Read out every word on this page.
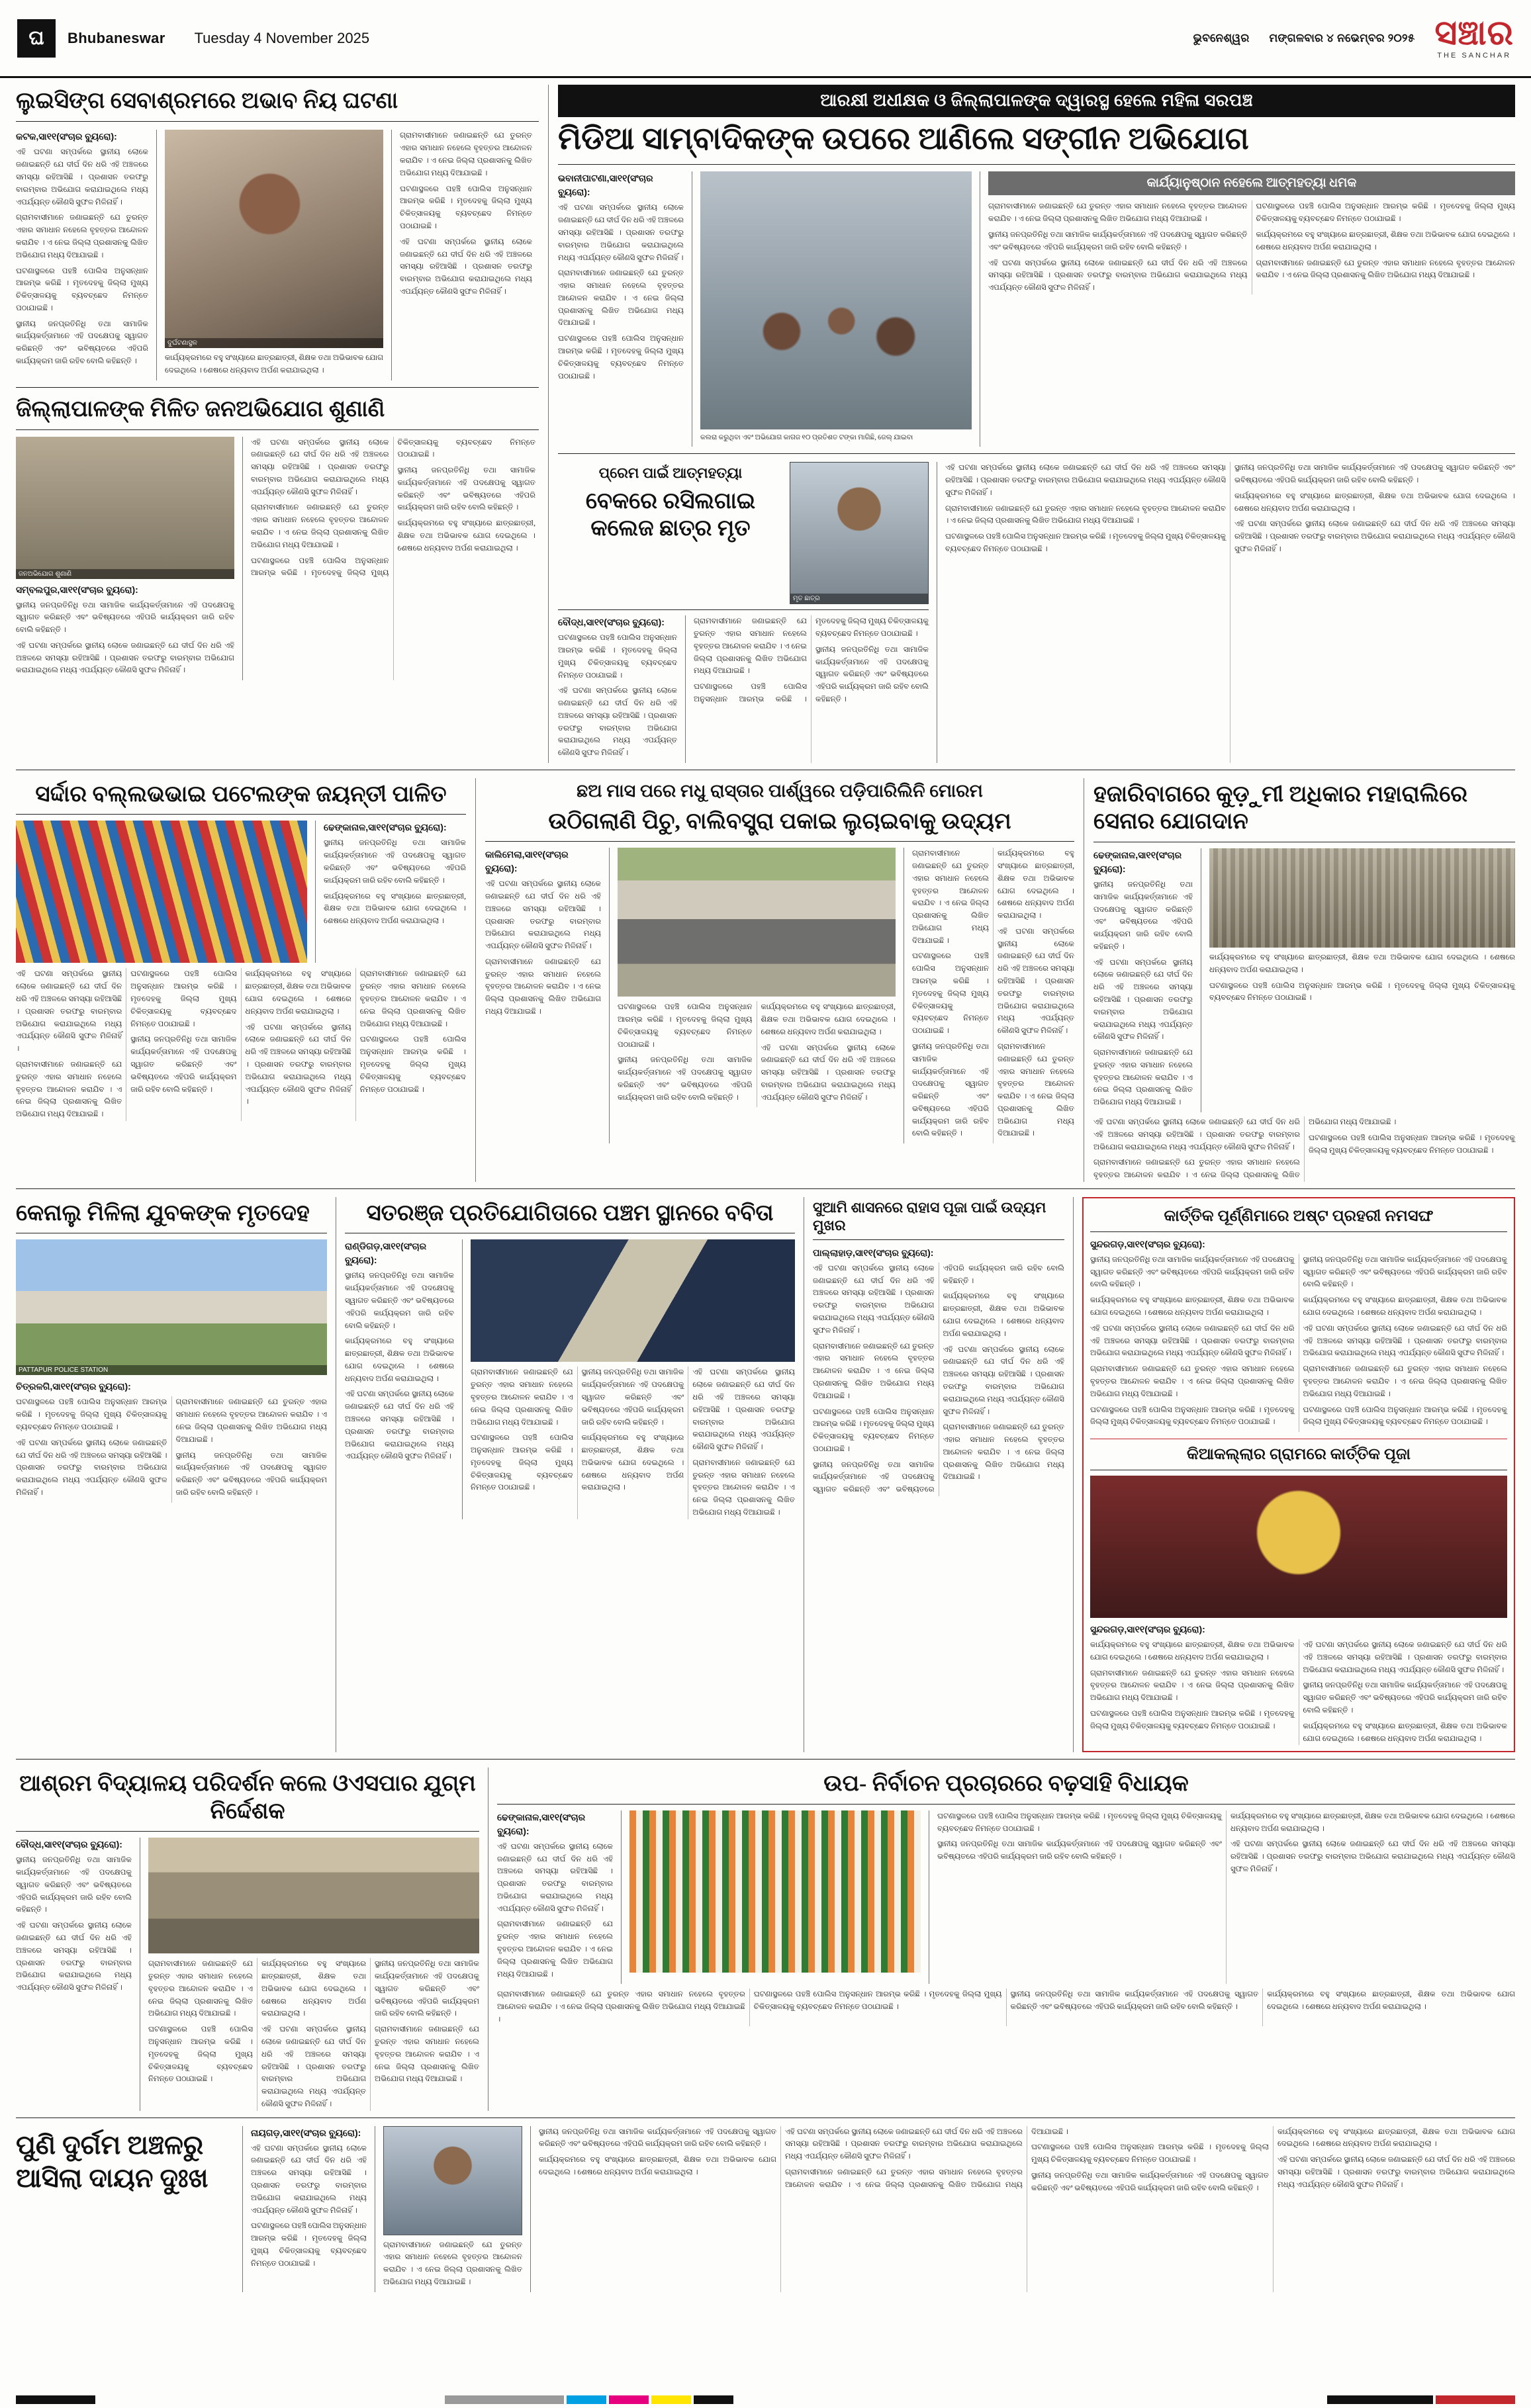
ଘ	Bhubaneswar Tuesday 4 November 2025	ଭୁବନେଶ୍ୱର ମଙ୍ଗଳବାର ୪ ନଭେମ୍ବର ୨୦୨୫ ସଞ୍ଚାର
THE SANCHAR
ଲୁଇସିଙ୍ଗ ସେବାଶ୍ରମରେ ଅଭାବ ନିୟ ଘଟଣା
କଟକ,ସା୧୧(ସଂଚାର ବ୍ୟୁରୋ):

ଏହି ଘଟଣା ସମ୍ପର୍କରେ ସ୍ଥାନୀୟ ଲୋକେ ଜଣାଇଛନ୍ତି ଯେ ଦୀର୍ଘ ଦିନ ଧରି ଏହି ଅଞ୍ଚଳରେ ସମସ୍ୟା ରହିଆସିଛି । ପ୍ରଶାସନ ତରଫରୁ ବାରମ୍ବାର ଅଭିଯୋଗ କରାଯାଇଥିଲେ ମଧ୍ୟ ଏପର୍ଯ୍ୟନ୍ତ କୌଣସି ସୁଫଳ ମିଳିନାହିଁ ।

ଗ୍ରାମବାସୀମାନେ ଜଣାଇଛନ୍ତି ଯେ ତୁରନ୍ତ ଏହାର ସମାଧାନ ନହେଲେ ବୃହତ୍ତର ଆନ୍ଦୋଳନ କରାଯିବ । ଏ ନେଇ ଜିଲ୍ଲା ପ୍ରଶାସନକୁ ଲିଖିତ ଅଭିଯୋଗ ମଧ୍ୟ ଦିଆଯାଇଛି ।

ଘଟଣାସ୍ଥଳରେ ପହଞ୍ଚି ପୋଲିସ ଅନୁସନ୍ଧାନ ଆରମ୍ଭ କରିଛି । ମୃତଦେହକୁ ଜିଲ୍ଲା ମୁଖ୍ୟ ଚିକିତ୍ସାଳୟକୁ ବ୍ୟବଚ୍ଛେଦ ନିମନ୍ତେ ପଠାଯାଇଛି ।

ସ୍ଥାନୀୟ ଜନପ୍ରତିନିଧି ତଥା ସାମାଜିକ କାର୍ଯ୍ୟକର୍ତ୍ତାମାନେ ଏହି ପଦକ୍ଷେପକୁ ସ୍ୱାଗତ କରିଛନ୍ତି ଏବଂ ଭବିଷ୍ୟତରେ ଏହିପରି କାର୍ଯ୍ୟକ୍ରମ ଜାରି ରହିବ ବୋଲି କହିଛନ୍ତି ।

ଦୁର୍ଘଟଣାସ୍ଥଳ

କାର୍ଯ୍ୟକ୍ରମରେ ବହୁ ସଂଖ୍ୟାରେ ଛାତ୍ରଛାତ୍ରୀ, ଶିକ୍ଷକ ତଥା ଅଭିଭାବକ ଯୋଗ ଦେଇଥିଲେ । ଶେଷରେ ଧନ୍ୟବାଦ ଅର୍ପଣ କରାଯାଇଥିଲା ।

ଗ୍ରାମବାସୀମାନେ ଜଣାଇଛନ୍ତି ଯେ ତୁରନ୍ତ ଏହାର ସମାଧାନ ନହେଲେ ବୃହତ୍ତର ଆନ୍ଦୋଳନ କରାଯିବ । ଏ ନେଇ ଜିଲ୍ଲା ପ୍ରଶାସନକୁ ଲିଖିତ ଅଭିଯୋଗ ମଧ୍ୟ ଦିଆଯାଇଛି ।

ଘଟଣାସ୍ଥଳରେ ପହଞ୍ଚି ପୋଲିସ ଅନୁସନ୍ଧାନ ଆରମ୍ଭ କରିଛି । ମୃତଦେହକୁ ଜିଲ୍ଲା ମୁଖ୍ୟ ଚିକିତ୍ସାଳୟକୁ ବ୍ୟବଚ୍ଛେଦ ନିମନ୍ତେ ପଠାଯାଇଛି ।

ଏହି ଘଟଣା ସମ୍ପର୍କରେ ସ୍ଥାନୀୟ ଲୋକେ ଜଣାଇଛନ୍ତି ଯେ ଦୀର୍ଘ ଦିନ ଧରି ଏହି ଅଞ୍ଚଳରେ ସମସ୍ୟା ରହିଆସିଛି । ପ୍ରଶାସନ ତରଫରୁ ବାରମ୍ବାର ଅଭିଯୋଗ କରାଯାଇଥିଲେ ମଧ୍ୟ ଏପର୍ଯ୍ୟନ୍ତ କୌଣସି ସୁଫଳ ମିଳିନାହିଁ ।

ଜିଲ୍ଲାପାଳଙ୍କ ମିଳିତ ଜନଅଭିଯୋଗ ଶୁଣାଣି
ଜନଅଭିଯୋଗ ଶୁଣାଣି
ସମ୍ବଲପୁର,ସା୧୧(ସଂଚାର ବ୍ୟୁରୋ):

ସ୍ଥାନୀୟ ଜନପ୍ରତିନିଧି ତଥା ସାମାଜିକ କାର୍ଯ୍ୟକର୍ତ୍ତାମାନେ ଏହି ପଦକ୍ଷେପକୁ ସ୍ୱାଗତ କରିଛନ୍ତି ଏବଂ ଭବିଷ୍ୟତରେ ଏହିପରି କାର୍ଯ୍ୟକ୍ରମ ଜାରି ରହିବ ବୋଲି କହିଛନ୍ତି ।

ଏହି ଘଟଣା ସମ୍ପର୍କରେ ସ୍ଥାନୀୟ ଲୋକେ ଜଣାଇଛନ୍ତି ଯେ ଦୀର୍ଘ ଦିନ ଧରି ଏହି ଅଞ୍ଚଳରେ ସମସ୍ୟା ରହିଆସିଛି । ପ୍ରଶାସନ ତରଫରୁ ବାରମ୍ବାର ଅଭିଯୋଗ କରାଯାଇଥିଲେ ମଧ୍ୟ ଏପର୍ଯ୍ୟନ୍ତ କୌଣସି ସୁଫଳ ମିଳିନାହିଁ ।

ଏହି ଘଟଣା ସମ୍ପର୍କରେ ସ୍ଥାନୀୟ ଲୋକେ ଜଣାଇଛନ୍ତି ଯେ ଦୀର୍ଘ ଦିନ ଧରି ଏହି ଅଞ୍ଚଳରେ ସମସ୍ୟା ରହିଆସିଛି । ପ୍ରଶାସନ ତରଫରୁ ବାରମ୍ବାର ଅଭିଯୋଗ କରାଯାଇଥିଲେ ମଧ୍ୟ ଏପର୍ଯ୍ୟନ୍ତ କୌଣସି ସୁଫଳ ମିଳିନାହିଁ ।

ଗ୍ରାମବାସୀମାନେ ଜଣାଇଛନ୍ତି ଯେ ତୁରନ୍ତ ଏହାର ସମାଧାନ ନହେଲେ ବୃହତ୍ତର ଆନ୍ଦୋଳନ କରାଯିବ । ଏ ନେଇ ଜିଲ୍ଲା ପ୍ରଶାସନକୁ ଲିଖିତ ଅଭିଯୋଗ ମଧ୍ୟ ଦିଆଯାଇଛି ।

ଘଟଣାସ୍ଥଳରେ ପହଞ୍ଚି ପୋଲିସ ଅନୁସନ୍ଧାନ ଆରମ୍ଭ କରିଛି । ମୃତଦେହକୁ ଜିଲ୍ଲା ମୁଖ୍ୟ ଚିକିତ୍ସାଳୟକୁ ବ୍ୟବଚ୍ଛେଦ ନିମନ୍ତେ ପଠାଯାଇଛି ।

ସ୍ଥାନୀୟ ଜନପ୍ରତିନିଧି ତଥା ସାମାଜିକ କାର୍ଯ୍ୟକର୍ତ୍ତାମାନେ ଏହି ପଦକ୍ଷେପକୁ ସ୍ୱାଗତ କରିଛନ୍ତି ଏବଂ ଭବିଷ୍ୟତରେ ଏହିପରି କାର୍ଯ୍ୟକ୍ରମ ଜାରି ରହିବ ବୋଲି କହିଛନ୍ତି ।

କାର୍ଯ୍ୟକ୍ରମରେ ବହୁ ସଂଖ୍ୟାରେ ଛାତ୍ରଛାତ୍ରୀ, ଶିକ୍ଷକ ତଥା ଅଭିଭାବକ ଯୋଗ ଦେଇଥିଲେ । ଶେଷରେ ଧନ୍ୟବାଦ ଅର୍ପଣ କରାଯାଇଥିଲା ।

ଆରକ୍ଷୀ ଅଧୀକ୍ଷକ ଓ ଜିଲ୍ଲାପାଳଙ୍କ ଦ୍ୱାରସ୍ଥ ହେଲେ ମହିଳା ସରପଞ୍ଚ
ମିଡିଆ ସାମ୍ବାଦିକଙ୍କ ଉପରେ ଆଣିଲେ ସଙ୍ଗୀନ ଅଭିଯୋଗ
ଭବାନୀପାଟଣା,ସା୧୧(ସଂଚାର ବ୍ୟୁରୋ):

ଏହି ଘଟଣା ସମ୍ପର୍କରେ ସ୍ଥାନୀୟ ଲୋକେ ଜଣାଇଛନ୍ତି ଯେ ଦୀର୍ଘ ଦିନ ଧରି ଏହି ଅଞ୍ଚଳରେ ସମସ୍ୟା ରହିଆସିଛି । ପ୍ରଶାସନ ତରଫରୁ ବାରମ୍ବାର ଅଭିଯୋଗ କରାଯାଇଥିଲେ ମଧ୍ୟ ଏପର୍ଯ୍ୟନ୍ତ କୌଣସି ସୁଫଳ ମିଳିନାହିଁ ।

ଗ୍ରାମବାସୀମାନେ ଜଣାଇଛନ୍ତି ଯେ ତୁରନ୍ତ ଏହାର ସମାଧାନ ନହେଲେ ବୃହତ୍ତର ଆନ୍ଦୋଳନ କରାଯିବ । ଏ ନେଇ ଜିଲ୍ଲା ପ୍ରଶାସନକୁ ଲିଖିତ ଅଭିଯୋଗ ମଧ୍ୟ ଦିଆଯାଇଛି ।

ଘଟଣାସ୍ଥଳରେ ପହଞ୍ଚି ପୋଲିସ ଅନୁସନ୍ଧାନ ଆରମ୍ଭ କରିଛି । ମୃତଦେହକୁ ଜିଲ୍ଲା ମୁଖ୍ୟ ଚିକିତ୍ସାଳୟକୁ ବ୍ୟବଚ୍ଛେଦ ନିମନ୍ତେ ପଠାଯାଇଛି ।

କଲରା କରୁଥିବା ଏବଂ ଅଭିଯୋଗ କାଗଜ ୧୦ ପ୍ରତିଶତ ଟଙ୍କା ମାଗିଛି, ଜେଲ୍ ଯାଇବା

କାର୍ଯ୍ୟାନୁଷ୍ଠାନ ନହେଲେ ଆତ୍ମହତ୍ୟା ଧମକ

ଗ୍ରାମବାସୀମାନେ ଜଣାଇଛନ୍ତି ଯେ ତୁରନ୍ତ ଏହାର ସମାଧାନ ନହେଲେ ବୃହତ୍ତର ଆନ୍ଦୋଳନ କରାଯିବ । ଏ ନେଇ ଜିଲ୍ଲା ପ୍ରଶାସନକୁ ଲିଖିତ ଅଭିଯୋଗ ମଧ୍ୟ ଦିଆଯାଇଛି ।

ସ୍ଥାନୀୟ ଜନପ୍ରତିନିଧି ତଥା ସାମାଜିକ କାର୍ଯ୍ୟକର୍ତ୍ତାମାନେ ଏହି ପଦକ୍ଷେପକୁ ସ୍ୱାଗତ କରିଛନ୍ତି ଏବଂ ଭବିଷ୍ୟତରେ ଏହିପରି କାର୍ଯ୍ୟକ୍ରମ ଜାରି ରହିବ ବୋଲି କହିଛନ୍ତି ।

ଏହି ଘଟଣା ସମ୍ପର୍କରେ ସ୍ଥାନୀୟ ଲୋକେ ଜଣାଇଛନ୍ତି ଯେ ଦୀର୍ଘ ଦିନ ଧରି ଏହି ଅଞ୍ଚଳରେ ସମସ୍ୟା ରହିଆସିଛି । ପ୍ରଶାସନ ତରଫରୁ ବାରମ୍ବାର ଅଭିଯୋଗ କରାଯାଇଥିଲେ ମଧ୍ୟ ଏପର୍ଯ୍ୟନ୍ତ କୌଣସି ସୁଫଳ ମିଳିନାହିଁ ।

ଘଟଣାସ୍ଥଳରେ ପହଞ୍ଚି ପୋଲିସ ଅନୁସନ୍ଧାନ ଆରମ୍ଭ କରିଛି । ମୃତଦେହକୁ ଜିଲ୍ଲା ମୁଖ୍ୟ ଚିକିତ୍ସାଳୟକୁ ବ୍ୟବଚ୍ଛେଦ ନିମନ୍ତେ ପଠାଯାଇଛି ।

କାର୍ଯ୍ୟକ୍ରମରେ ବହୁ ସଂଖ୍ୟାରେ ଛାତ୍ରଛାତ୍ରୀ, ଶିକ୍ଷକ ତଥା ଅଭିଭାବକ ଯୋଗ ଦେଇଥିଲେ । ଶେଷରେ ଧନ୍ୟବାଦ ଅର୍ପଣ କରାଯାଇଥିଲା ।

ଗ୍ରାମବାସୀମାନେ ଜଣାଇଛନ୍ତି ଯେ ତୁରନ୍ତ ଏହାର ସମାଧାନ ନହେଲେ ବୃହତ୍ତର ଆନ୍ଦୋଳନ କରାଯିବ । ଏ ନେଇ ଜିଲ୍ଲା ପ୍ରଶାସନକୁ ଲିଖିତ ଅଭିଯୋଗ ମଧ୍ୟ ଦିଆଯାଇଛି ।

ପ୍ରେମ ପାଇଁ ଆତ୍ମହତ୍ୟା
ବେକରେ ରସିଲଗାଇ କଲେଜ ଛାତ୍ର ମୃତ
ମୃତ ଛାତ୍ର
ବୌଦ୍ଧ,ସା୧୧(ସଂଚାର ବ୍ୟୁରୋ):

ଘଟଣାସ୍ଥଳରେ ପହଞ୍ଚି ପୋଲିସ ଅନୁସନ୍ଧାନ ଆରମ୍ଭ କରିଛି । ମୃତଦେହକୁ ଜିଲ୍ଲା ମୁଖ୍ୟ ଚିକିତ୍ସାଳୟକୁ ବ୍ୟବଚ୍ଛେଦ ନିମନ୍ତେ ପଠାଯାଇଛି ।

ଏହି ଘଟଣା ସମ୍ପର୍କରେ ସ୍ଥାନୀୟ ଲୋକେ ଜଣାଇଛନ୍ତି ଯେ ଦୀର୍ଘ ଦିନ ଧରି ଏହି ଅଞ୍ଚଳରେ ସମସ୍ୟା ରହିଆସିଛି । ପ୍ରଶାସନ ତରଫରୁ ବାରମ୍ବାର ଅଭିଯୋଗ କରାଯାଇଥିଲେ ମଧ୍ୟ ଏପର୍ଯ୍ୟନ୍ତ କୌଣସି ସୁଫଳ ମିଳିନାହିଁ ।

ଗ୍ରାମବାସୀମାନେ ଜଣାଇଛନ୍ତି ଯେ ତୁରନ୍ତ ଏହାର ସମାଧାନ ନହେଲେ ବୃହତ୍ତର ଆନ୍ଦୋଳନ କରାଯିବ । ଏ ନେଇ ଜିଲ୍ଲା ପ୍ରଶାସନକୁ ଲିଖିତ ଅଭିଯୋଗ ମଧ୍ୟ ଦିଆଯାଇଛି ।

ଘଟଣାସ୍ଥଳରେ ପହଞ୍ଚି ପୋଲିସ ଅନୁସନ୍ଧାନ ଆରମ୍ଭ କରିଛି । ମୃତଦେହକୁ ଜିଲ୍ଲା ମୁଖ୍ୟ ଚିକିତ୍ସାଳୟକୁ ବ୍ୟବଚ୍ଛେଦ ନିମନ୍ତେ ପଠାଯାଇଛି ।

ସ୍ଥାନୀୟ ଜନପ୍ରତିନିଧି ତଥା ସାମାଜିକ କାର୍ଯ୍ୟକର୍ତ୍ତାମାନେ ଏହି ପଦକ୍ଷେପକୁ ସ୍ୱାଗତ କରିଛନ୍ତି ଏବଂ ଭବିଷ୍ୟତରେ ଏହିପରି କାର୍ଯ୍ୟକ୍ରମ ଜାରି ରହିବ ବୋଲି କହିଛନ୍ତି ।

ଏହି ଘଟଣା ସମ୍ପର୍କରେ ସ୍ଥାନୀୟ ଲୋକେ ଜଣାଇଛନ୍ତି ଯେ ଦୀର୍ଘ ଦିନ ଧରି ଏହି ଅଞ୍ଚଳରେ ସମସ୍ୟା ରହିଆସିଛି । ପ୍ରଶାସନ ତରଫରୁ ବାରମ୍ବାର ଅଭିଯୋଗ କରାଯାଇଥିଲେ ମଧ୍ୟ ଏପର୍ଯ୍ୟନ୍ତ କୌଣସି ସୁଫଳ ମିଳିନାହିଁ ।

ଗ୍ରାମବାସୀମାନେ ଜଣାଇଛନ୍ତି ଯେ ତୁରନ୍ତ ଏହାର ସମାଧାନ ନହେଲେ ବୃହତ୍ତର ଆନ୍ଦୋଳନ କରାଯିବ । ଏ ନେଇ ଜିଲ୍ଲା ପ୍ରଶାସନକୁ ଲିଖିତ ଅଭିଯୋଗ ମଧ୍ୟ ଦିଆଯାଇଛି ।

ଘଟଣାସ୍ଥଳରେ ପହଞ୍ଚି ପୋଲିସ ଅନୁସନ୍ଧାନ ଆରମ୍ଭ କରିଛି । ମୃତଦେହକୁ ଜିଲ୍ଲା ମୁଖ୍ୟ ଚିକିତ୍ସାଳୟକୁ ବ୍ୟବଚ୍ଛେଦ ନିମନ୍ତେ ପଠାଯାଇଛି ।

ସ୍ଥାନୀୟ ଜନପ୍ରତିନିଧି ତଥା ସାମାଜିକ କାର୍ଯ୍ୟକର୍ତ୍ତାମାନେ ଏହି ପଦକ୍ଷେପକୁ ସ୍ୱାଗତ କରିଛନ୍ତି ଏବଂ ଭବିଷ୍ୟତରେ ଏହିପରି କାର୍ଯ୍ୟକ୍ରମ ଜାରି ରହିବ ବୋଲି କହିଛନ୍ତି ।

କାର୍ଯ୍ୟକ୍ରମରେ ବହୁ ସଂଖ୍ୟାରେ ଛାତ୍ରଛାତ୍ରୀ, ଶିକ୍ଷକ ତଥା ଅଭିଭାବକ ଯୋଗ ଦେଇଥିଲେ । ଶେଷରେ ଧନ୍ୟବାଦ ଅର୍ପଣ କରାଯାଇଥିଲା ।

ଏହି ଘଟଣା ସମ୍ପର୍କରେ ସ୍ଥାନୀୟ ଲୋକେ ଜଣାଇଛନ୍ତି ଯେ ଦୀର୍ଘ ଦିନ ଧରି ଏହି ଅଞ୍ଚଳରେ ସମସ୍ୟା ରହିଆସିଛି । ପ୍ରଶାସନ ତରଫରୁ ବାରମ୍ବାର ଅଭିଯୋଗ କରାଯାଇଥିଲେ ମଧ୍ୟ ଏପର୍ଯ୍ୟନ୍ତ କୌଣସି ସୁଫଳ ମିଳିନାହିଁ ।

ସର୍ଦ୍ଦାର ବଲ୍ଲଭଭାଇ ପଟେଲଙ୍କ ଜୟନ୍ତୀ ପାଳିତ
ଢେଙ୍କାନାଳ,ସା୧୧(ସଂଚାର ବ୍ୟୁରୋ):

ସ୍ଥାନୀୟ ଜନପ୍ରତିନିଧି ତଥା ସାମାଜିକ କାର୍ଯ୍ୟକର୍ତ୍ତାମାନେ ଏହି ପଦକ୍ଷେପକୁ ସ୍ୱାଗତ କରିଛନ୍ତି ଏବଂ ଭବିଷ୍ୟତରେ ଏହିପରି କାର୍ଯ୍ୟକ୍ରମ ଜାରି ରହିବ ବୋଲି କହିଛନ୍ତି ।

କାର୍ଯ୍ୟକ୍ରମରେ ବହୁ ସଂଖ୍ୟାରେ ଛାତ୍ରଛାତ୍ରୀ, ଶିକ୍ଷକ ତଥା ଅଭିଭାବକ ଯୋଗ ଦେଇଥିଲେ । ଶେଷରେ ଧନ୍ୟବାଦ ଅର୍ପଣ କରାଯାଇଥିଲା ।

ଏହି ଘଟଣା ସମ୍ପର୍କରେ ସ୍ଥାନୀୟ ଲୋକେ ଜଣାଇଛନ୍ତି ଯେ ଦୀର୍ଘ ଦିନ ଧରି ଏହି ଅଞ୍ଚଳରେ ସମସ୍ୟା ରହିଆସିଛି । ପ୍ରଶାସନ ତରଫରୁ ବାରମ୍ବାର ଅଭିଯୋଗ କରାଯାଇଥିଲେ ମଧ୍ୟ ଏପର୍ଯ୍ୟନ୍ତ କୌଣସି ସୁଫଳ ମିଳିନାହିଁ ।

ଗ୍ରାମବାସୀମାନେ ଜଣାଇଛନ୍ତି ଯେ ତୁରନ୍ତ ଏହାର ସମାଧାନ ନହେଲେ ବୃହତ୍ତର ଆନ୍ଦୋଳନ କରାଯିବ । ଏ ନେଇ ଜିଲ୍ଲା ପ୍ରଶାସନକୁ ଲିଖିତ ଅଭିଯୋଗ ମଧ୍ୟ ଦିଆଯାଇଛି ।

ଘଟଣାସ୍ଥଳରେ ପହଞ୍ଚି ପୋଲିସ ଅନୁସନ୍ଧାନ ଆରମ୍ଭ କରିଛି । ମୃତଦେହକୁ ଜିଲ୍ଲା ମୁଖ୍ୟ ଚିକିତ୍ସାଳୟକୁ ବ୍ୟବଚ୍ଛେଦ ନିମନ୍ତେ ପଠାଯାଇଛି ।

ସ୍ଥାନୀୟ ଜନପ୍ରତିନିଧି ତଥା ସାମାଜିକ କାର୍ଯ୍ୟକର୍ତ୍ତାମାନେ ଏହି ପଦକ୍ଷେପକୁ ସ୍ୱାଗତ କରିଛନ୍ତି ଏବଂ ଭବିଷ୍ୟତରେ ଏହିପରି କାର୍ଯ୍ୟକ୍ରମ ଜାରି ରହିବ ବୋଲି କହିଛନ୍ତି ।

କାର୍ଯ୍ୟକ୍ରମରେ ବହୁ ସଂଖ୍ୟାରେ ଛାତ୍ରଛାତ୍ରୀ, ଶିକ୍ଷକ ତଥା ଅଭିଭାବକ ଯୋଗ ଦେଇଥିଲେ । ଶେଷରେ ଧନ୍ୟବାଦ ଅର୍ପଣ କରାଯାଇଥିଲା ।

ଏହି ଘଟଣା ସମ୍ପର୍କରେ ସ୍ଥାନୀୟ ଲୋକେ ଜଣାଇଛନ୍ତି ଯେ ଦୀର୍ଘ ଦିନ ଧରି ଏହି ଅଞ୍ଚଳରେ ସମସ୍ୟା ରହିଆସିଛି । ପ୍ରଶାସନ ତରଫରୁ ବାରମ୍ବାର ଅଭିଯୋଗ କରାଯାଇଥିଲେ ମଧ୍ୟ ଏପର୍ଯ୍ୟନ୍ତ କୌଣସି ସୁଫଳ ମିଳିନାହିଁ ।

ଗ୍ରାମବାସୀମାନେ ଜଣାଇଛନ୍ତି ଯେ ତୁରନ୍ତ ଏହାର ସମାଧାନ ନହେଲେ ବୃହତ୍ତର ଆନ୍ଦୋଳନ କରାଯିବ । ଏ ନେଇ ଜିଲ୍ଲା ପ୍ରଶାସନକୁ ଲିଖିତ ଅଭିଯୋଗ ମଧ୍ୟ ଦିଆଯାଇଛି ।

ଘଟଣାସ୍ଥଳରେ ପହଞ୍ଚି ପୋଲିସ ଅନୁସନ୍ଧାନ ଆରମ୍ଭ କରିଛି । ମୃତଦେହକୁ ଜିଲ୍ଲା ମୁଖ୍ୟ ଚିକିତ୍ସାଳୟକୁ ବ୍ୟବଚ୍ଛେଦ ନିମନ୍ତେ ପଠାଯାଇଛି ।

ଛଅ ମାସ ପରେ ମଧୁ ରାସ୍ତାର ପାର୍ଶ୍ୱରେ ପଡ଼ିପାରିଲିନି ମୋରମ
ଉଠିଗଲାଣି ପିଚୁ, ବାଲିବସ୍ତ୍ରା ପକାଇ ଲୁଚାଇବାକୁ ଉଦ୍ୟମ
କାଲିମେଲା,ସା୧୧(ସଂଚାର ବ୍ୟୁରୋ):

ଏହି ଘଟଣା ସମ୍ପର୍କରେ ସ୍ଥାନୀୟ ଲୋକେ ଜଣାଇଛନ୍ତି ଯେ ଦୀର୍ଘ ଦିନ ଧରି ଏହି ଅଞ୍ଚଳରେ ସମସ୍ୟା ରହିଆସିଛି । ପ୍ରଶାସନ ତରଫରୁ ବାରମ୍ବାର ଅଭିଯୋଗ କରାଯାଇଥିଲେ ମଧ୍ୟ ଏପର୍ଯ୍ୟନ୍ତ କୌଣସି ସୁଫଳ ମିଳିନାହିଁ ।

ଗ୍ରାମବାସୀମାନେ ଜଣାଇଛନ୍ତି ଯେ ତୁରନ୍ତ ଏହାର ସମାଧାନ ନହେଲେ ବୃହତ୍ତର ଆନ୍ଦୋଳନ କରାଯିବ । ଏ ନେଇ ଜିଲ୍ଲା ପ୍ରଶାସନକୁ ଲିଖିତ ଅଭିଯୋଗ ମଧ୍ୟ ଦିଆଯାଇଛି ।

ଘଟଣାସ୍ଥଳରେ ପହଞ୍ଚି ପୋଲିସ ଅନୁସନ୍ଧାନ ଆରମ୍ଭ କରିଛି । ମୃତଦେହକୁ ଜିଲ୍ଲା ମୁଖ୍ୟ ଚିକିତ୍ସାଳୟକୁ ବ୍ୟବଚ୍ଛେଦ ନିମନ୍ତେ ପଠାଯାଇଛି ।

ସ୍ଥାନୀୟ ଜନପ୍ରତିନିଧି ତଥା ସାମାଜିକ କାର୍ଯ୍ୟକର୍ତ୍ତାମାନେ ଏହି ପଦକ୍ଷେପକୁ ସ୍ୱାଗତ କରିଛନ୍ତି ଏବଂ ଭବିଷ୍ୟତରେ ଏହିପରି କାର୍ଯ୍ୟକ୍ରମ ଜାରି ରହିବ ବୋଲି କହିଛନ୍ତି ।

କାର୍ଯ୍ୟକ୍ରମରେ ବହୁ ସଂଖ୍ୟାରେ ଛାତ୍ରଛାତ୍ରୀ, ଶିକ୍ଷକ ତଥା ଅଭିଭାବକ ଯୋଗ ଦେଇଥିଲେ । ଶେଷରେ ଧନ୍ୟବାଦ ଅର୍ପଣ କରାଯାଇଥିଲା ।

ଏହି ଘଟଣା ସମ୍ପର୍କରେ ସ୍ଥାନୀୟ ଲୋକେ ଜଣାଇଛନ୍ତି ଯେ ଦୀର୍ଘ ଦିନ ଧରି ଏହି ଅଞ୍ଚଳରେ ସମସ୍ୟା ରହିଆସିଛି । ପ୍ରଶାସନ ତରଫରୁ ବାରମ୍ବାର ଅଭିଯୋଗ କରାଯାଇଥିଲେ ମଧ୍ୟ ଏପର୍ଯ୍ୟନ୍ତ କୌଣସି ସୁଫଳ ମିଳିନାହିଁ ।

ଗ୍ରାମବାସୀମାନେ ଜଣାଇଛନ୍ତି ଯେ ତୁରନ୍ତ ଏହାର ସମାଧାନ ନହେଲେ ବୃହତ୍ତର ଆନ୍ଦୋଳନ କରାଯିବ । ଏ ନେଇ ଜିଲ୍ଲା ପ୍ରଶାସନକୁ ଲିଖିତ ଅଭିଯୋଗ ମଧ୍ୟ ଦିଆଯାଇଛି ।

ଘଟଣାସ୍ଥଳରେ ପହଞ୍ଚି ପୋଲିସ ଅନୁସନ୍ଧାନ ଆରମ୍ଭ କରିଛି । ମୃତଦେହକୁ ଜିଲ୍ଲା ମୁଖ୍ୟ ଚିକିତ୍ସାଳୟକୁ ବ୍ୟବଚ୍ଛେଦ ନିମନ୍ତେ ପଠାଯାଇଛି ।

ସ୍ଥାନୀୟ ଜନପ୍ରତିନିଧି ତଥା ସାମାଜିକ କାର୍ଯ୍ୟକର୍ତ୍ତାମାନେ ଏହି ପଦକ୍ଷେପକୁ ସ୍ୱାଗତ କରିଛନ୍ତି ଏବଂ ଭବିଷ୍ୟତରେ ଏହିପରି କାର୍ଯ୍ୟକ୍ରମ ଜାରି ରହିବ ବୋଲି କହିଛନ୍ତି ।

କାର୍ଯ୍ୟକ୍ରମରେ ବହୁ ସଂଖ୍ୟାରେ ଛାତ୍ରଛାତ୍ରୀ, ଶିକ୍ଷକ ତଥା ଅଭିଭାବକ ଯୋଗ ଦେଇଥିଲେ । ଶେଷରେ ଧନ୍ୟବାଦ ଅର୍ପଣ କରାଯାଇଥିଲା ।

ଏହି ଘଟଣା ସମ୍ପର୍କରେ ସ୍ଥାନୀୟ ଲୋକେ ଜଣାଇଛନ୍ତି ଯେ ଦୀର୍ଘ ଦିନ ଧରି ଏହି ଅଞ୍ଚଳରେ ସମସ୍ୟା ରହିଆସିଛି । ପ୍ରଶାସନ ତରଫରୁ ବାରମ୍ବାର ଅଭିଯୋଗ କରାଯାଇଥିଲେ ମଧ୍ୟ ଏପର୍ଯ୍ୟନ୍ତ କୌଣସି ସୁଫଳ ମିଳିନାହିଁ ।

ଗ୍ରାମବାସୀମାନେ ଜଣାଇଛନ୍ତି ଯେ ତୁରନ୍ତ ଏହାର ସମାଧାନ ନହେଲେ ବୃହତ୍ତର ଆନ୍ଦୋଳନ କରାଯିବ । ଏ ନେଇ ଜିଲ୍ଲା ପ୍ରଶାସନକୁ ଲିଖିତ ଅଭିଯୋଗ ମଧ୍ୟ ଦିଆଯାଇଛି ।

ହଜାରିବାଗରେ କୁଡ଼ୁମୀ ଅଧିକାର ମହାରାଲିରେ ସେନାର ଯୋଗଦାନ
ଢେଙ୍କାନାଳ,ସା୧୧(ସଂଚାର ବ୍ୟୁରୋ):

ସ୍ଥାନୀୟ ଜନପ୍ରତିନିଧି ତଥା ସାମାଜିକ କାର୍ଯ୍ୟକର୍ତ୍ତାମାନେ ଏହି ପଦକ୍ଷେପକୁ ସ୍ୱାଗତ କରିଛନ୍ତି ଏବଂ ଭବିଷ୍ୟତରେ ଏହିପରି କାର୍ଯ୍ୟକ୍ରମ ଜାରି ରହିବ ବୋଲି କହିଛନ୍ତି ।

ଏହି ଘଟଣା ସମ୍ପର୍କରେ ସ୍ଥାନୀୟ ଲୋକେ ଜଣାଇଛନ୍ତି ଯେ ଦୀର୍ଘ ଦିନ ଧରି ଏହି ଅଞ୍ଚଳରେ ସମସ୍ୟା ରହିଆସିଛି । ପ୍ରଶାସନ ତରଫରୁ ବାରମ୍ବାର ଅଭିଯୋଗ କରାଯାଇଥିଲେ ମଧ୍ୟ ଏପର୍ଯ୍ୟନ୍ତ କୌଣସି ସୁଫଳ ମିଳିନାହିଁ ।

ଗ୍ରାମବାସୀମାନେ ଜଣାଇଛନ୍ତି ଯେ ତୁରନ୍ତ ଏହାର ସମାଧାନ ନହେଲେ ବୃହତ୍ତର ଆନ୍ଦୋଳନ କରାଯିବ । ଏ ନେଇ ଜିଲ୍ଲା ପ୍ରଶାସନକୁ ଲିଖିତ ଅଭିଯୋଗ ମଧ୍ୟ ଦିଆଯାଇଛି ।

କାର୍ଯ୍ୟକ୍ରମରେ ବହୁ ସଂଖ୍ୟାରେ ଛାତ୍ରଛାତ୍ରୀ, ଶିକ୍ଷକ ତଥା ଅଭିଭାବକ ଯୋଗ ଦେଇଥିଲେ । ଶେଷରେ ଧନ୍ୟବାଦ ଅର୍ପଣ କରାଯାଇଥିଲା ।

ଘଟଣାସ୍ଥଳରେ ପହଞ୍ଚି ପୋଲିସ ଅନୁସନ୍ଧାନ ଆରମ୍ଭ କରିଛି । ମୃତଦେହକୁ ଜିଲ୍ଲା ମୁଖ୍ୟ ଚିକିତ୍ସାଳୟକୁ ବ୍ୟବଚ୍ଛେଦ ନିମନ୍ତେ ପଠାଯାଇଛି ।

ଏହି ଘଟଣା ସମ୍ପର୍କରେ ସ୍ଥାନୀୟ ଲୋକେ ଜଣାଇଛନ୍ତି ଯେ ଦୀର୍ଘ ଦିନ ଧରି ଏହି ଅଞ୍ଚଳରେ ସମସ୍ୟା ରହିଆସିଛି । ପ୍ରଶାସନ ତରଫରୁ ବାରମ୍ବାର ଅଭିଯୋଗ କରାଯାଇଥିଲେ ମଧ୍ୟ ଏପର୍ଯ୍ୟନ୍ତ କୌଣସି ସୁଫଳ ମିଳିନାହିଁ ।

ଗ୍ରାମବାସୀମାନେ ଜଣାଇଛନ୍ତି ଯେ ତୁରନ୍ତ ଏହାର ସମାଧାନ ନହେଲେ ବୃହତ୍ତର ଆନ୍ଦୋଳନ କରାଯିବ । ଏ ନେଇ ଜିଲ୍ଲା ପ୍ରଶାସନକୁ ଲିଖିତ ଅଭିଯୋଗ ମଧ୍ୟ ଦିଆଯାଇଛି ।

ଘଟଣାସ୍ଥଳରେ ପହଞ୍ଚି ପୋଲିସ ଅନୁସନ୍ଧାନ ଆରମ୍ଭ କରିଛି । ମୃତଦେହକୁ ଜିଲ୍ଲା ମୁଖ୍ୟ ଚିକିତ୍ସାଳୟକୁ ବ୍ୟବଚ୍ଛେଦ ନିମନ୍ତେ ପଠାଯାଇଛି ।

କେନାଲୁ ମିଳିଲା ଯୁବକଙ୍କ ମୃତଦେହ
PATTAPUR POLICE STATION
ଚିତ୍ରଳଗି,ସା୧୧(ସଂଚାର ବ୍ୟୁରୋ):

ଘଟଣାସ୍ଥଳରେ ପହଞ୍ଚି ପୋଲିସ ଅନୁସନ୍ଧାନ ଆରମ୍ଭ କରିଛି । ମୃତଦେହକୁ ଜିଲ୍ଲା ମୁଖ୍ୟ ଚିକିତ୍ସାଳୟକୁ ବ୍ୟବଚ୍ଛେଦ ନିମନ୍ତେ ପଠାଯାଇଛି ।

ଏହି ଘଟଣା ସମ୍ପର୍କରେ ସ୍ଥାନୀୟ ଲୋକେ ଜଣାଇଛନ୍ତି ଯେ ଦୀର୍ଘ ଦିନ ଧରି ଏହି ଅଞ୍ଚଳରେ ସମସ୍ୟା ରହିଆସିଛି । ପ୍ରଶାସନ ତରଫରୁ ବାରମ୍ବାର ଅଭିଯୋଗ କରାଯାଇଥିଲେ ମଧ୍ୟ ଏପର୍ଯ୍ୟନ୍ତ କୌଣସି ସୁଫଳ ମିଳିନାହିଁ ।

ଗ୍ରାମବାସୀମାନେ ଜଣାଇଛନ୍ତି ଯେ ତୁରନ୍ତ ଏହାର ସମାଧାନ ନହେଲେ ବୃହତ୍ତର ଆନ୍ଦୋଳନ କରାଯିବ । ଏ ନେଇ ଜିଲ୍ଲା ପ୍ରଶାସନକୁ ଲିଖିତ ଅଭିଯୋଗ ମଧ୍ୟ ଦିଆଯାଇଛି ।

ସ୍ଥାନୀୟ ଜନପ୍ରତିନିଧି ତଥା ସାମାଜିକ କାର୍ଯ୍ୟକର୍ତ୍ତାମାନେ ଏହି ପଦକ୍ଷେପକୁ ସ୍ୱାଗତ କରିଛନ୍ତି ଏବଂ ଭବିଷ୍ୟତରେ ଏହିପରି କାର୍ଯ୍ୟକ୍ରମ ଜାରି ରହିବ ବୋଲି କହିଛନ୍ତି ।

ସତରଞ୍ଜ ପ୍ରତିଯୋଗିତାରେ ପଞ୍ଚମ ସ୍ଥାନରେ ବବିତା
ରାଣ୍ଡିଗଡ଼,ସା୧୧(ସଂଚାର ବ୍ୟୁରୋ):

ସ୍ଥାନୀୟ ଜନପ୍ରତିନିଧି ତଥା ସାମାଜିକ କାର୍ଯ୍ୟକର୍ତ୍ତାମାନେ ଏହି ପଦକ୍ଷେପକୁ ସ୍ୱାଗତ କରିଛନ୍ତି ଏବଂ ଭବିଷ୍ୟତରେ ଏହିପରି କାର୍ଯ୍ୟକ୍ରମ ଜାରି ରହିବ ବୋଲି କହିଛନ୍ତି ।

କାର୍ଯ୍ୟକ୍ରମରେ ବହୁ ସଂଖ୍ୟାରେ ଛାତ୍ରଛାତ୍ରୀ, ଶିକ୍ଷକ ତଥା ଅଭିଭାବକ ଯୋଗ ଦେଇଥିଲେ । ଶେଷରେ ଧନ୍ୟବାଦ ଅର୍ପଣ କରାଯାଇଥିଲା ।

ଏହି ଘଟଣା ସମ୍ପର୍କରେ ସ୍ଥାନୀୟ ଲୋକେ ଜଣାଇଛନ୍ତି ଯେ ଦୀର୍ଘ ଦିନ ଧରି ଏହି ଅଞ୍ଚଳରେ ସମସ୍ୟା ରହିଆସିଛି । ପ୍ରଶାସନ ତରଫରୁ ବାରମ୍ବାର ଅଭିଯୋଗ କରାଯାଇଥିଲେ ମଧ୍ୟ ଏପର୍ଯ୍ୟନ୍ତ କୌଣସି ସୁଫଳ ମିଳିନାହିଁ ।

ଗ୍ରାମବାସୀମାନେ ଜଣାଇଛନ୍ତି ଯେ ତୁରନ୍ତ ଏହାର ସମାଧାନ ନହେଲେ ବୃହତ୍ତର ଆନ୍ଦୋଳନ କରାଯିବ । ଏ ନେଇ ଜିଲ୍ଲା ପ୍ରଶାସନକୁ ଲିଖିତ ଅଭିଯୋଗ ମଧ୍ୟ ଦିଆଯାଇଛି ।

ଘଟଣାସ୍ଥଳରେ ପହଞ୍ଚି ପୋଲିସ ଅନୁସନ୍ଧାନ ଆରମ୍ଭ କରିଛି । ମୃତଦେହକୁ ଜିଲ୍ଲା ମୁଖ୍ୟ ଚିକିତ୍ସାଳୟକୁ ବ୍ୟବଚ୍ଛେଦ ନିମନ୍ତେ ପଠାଯାଇଛି ।

ସ୍ଥାନୀୟ ଜନପ୍ରତିନିଧି ତଥା ସାମାଜିକ କାର୍ଯ୍ୟକର୍ତ୍ତାମାନେ ଏହି ପଦକ୍ଷେପକୁ ସ୍ୱାଗତ କରିଛନ୍ତି ଏବଂ ଭବିଷ୍ୟତରେ ଏହିପରି କାର୍ଯ୍ୟକ୍ରମ ଜାରି ରହିବ ବୋଲି କହିଛନ୍ତି ।

କାର୍ଯ୍ୟକ୍ରମରେ ବହୁ ସଂଖ୍ୟାରେ ଛାତ୍ରଛାତ୍ରୀ, ଶିକ୍ଷକ ତଥା ଅଭିଭାବକ ଯୋଗ ଦେଇଥିଲେ । ଶେଷରେ ଧନ୍ୟବାଦ ଅର୍ପଣ କରାଯାଇଥିଲା ।

ଏହି ଘଟଣା ସମ୍ପର୍କରେ ସ୍ଥାନୀୟ ଲୋକେ ଜଣାଇଛନ୍ତି ଯେ ଦୀର୍ଘ ଦିନ ଧରି ଏହି ଅଞ୍ଚଳରେ ସମସ୍ୟା ରହିଆସିଛି । ପ୍ରଶାସନ ତରଫରୁ ବାରମ୍ବାର ଅଭିଯୋଗ କରାଯାଇଥିଲେ ମଧ୍ୟ ଏପର୍ଯ୍ୟନ୍ତ କୌଣସି ସୁଫଳ ମିଳିନାହିଁ ।

ଗ୍ରାମବାସୀମାନେ ଜଣାଇଛନ୍ତି ଯେ ତୁରନ୍ତ ଏହାର ସମାଧାନ ନହେଲେ ବୃହତ୍ତର ଆନ୍ଦୋଳନ କରାଯିବ । ଏ ନେଇ ଜିଲ୍ଲା ପ୍ରଶାସନକୁ ଲିଖିତ ଅଭିଯୋଗ ମଧ୍ୟ ଦିଆଯାଇଛି ।

ସୁଆମି ଶାସନରେ ରାହାସ ପୂଜା ପାଇଁ ଉଦ୍ୟମ ମୁଖର
ପାଲ୍ଲାହାଡ଼,ସା୧୧(ସଂଚାର ବ୍ୟୁରୋ):

ଏହି ଘଟଣା ସମ୍ପର୍କରେ ସ୍ଥାନୀୟ ଲୋକେ ଜଣାଇଛନ୍ତି ଯେ ଦୀର୍ଘ ଦିନ ଧରି ଏହି ଅଞ୍ଚଳରେ ସମସ୍ୟା ରହିଆସିଛି । ପ୍ରଶାସନ ତରଫରୁ ବାରମ୍ବାର ଅଭିଯୋଗ କରାଯାଇଥିଲେ ମଧ୍ୟ ଏପର୍ଯ୍ୟନ୍ତ କୌଣସି ସୁଫଳ ମିଳିନାହିଁ ।

ଗ୍ରାମବାସୀମାନେ ଜଣାଇଛନ୍ତି ଯେ ତୁରନ୍ତ ଏହାର ସମାଧାନ ନହେଲେ ବୃହତ୍ତର ଆନ୍ଦୋଳନ କରାଯିବ । ଏ ନେଇ ଜିଲ୍ଲା ପ୍ରଶାସନକୁ ଲିଖିତ ଅଭିଯୋଗ ମଧ୍ୟ ଦିଆଯାଇଛି ।

ଘଟଣାସ୍ଥଳରେ ପହଞ୍ଚି ପୋଲିସ ଅନୁସନ୍ଧାନ ଆରମ୍ଭ କରିଛି । ମୃତଦେହକୁ ଜିଲ୍ଲା ମୁଖ୍ୟ ଚିକିତ୍ସାଳୟକୁ ବ୍ୟବଚ୍ଛେଦ ନିମନ୍ତେ ପଠାଯାଇଛି ।

ସ୍ଥାନୀୟ ଜନପ୍ରତିନିଧି ତଥା ସାମାଜିକ କାର୍ଯ୍ୟକର୍ତ୍ତାମାନେ ଏହି ପଦକ୍ଷେପକୁ ସ୍ୱାଗତ କରିଛନ୍ତି ଏବଂ ଭବିଷ୍ୟତରେ ଏହିପରି କାର୍ଯ୍ୟକ୍ରମ ଜାରି ରହିବ ବୋଲି କହିଛନ୍ତି ।

କାର୍ଯ୍ୟକ୍ରମରେ ବହୁ ସଂଖ୍ୟାରେ ଛାତ୍ରଛାତ୍ରୀ, ଶିକ୍ଷକ ତଥା ଅଭିଭାବକ ଯୋଗ ଦେଇଥିଲେ । ଶେଷରେ ଧନ୍ୟବାଦ ଅର୍ପଣ କରାଯାଇଥିଲା ।

ଏହି ଘଟଣା ସମ୍ପର୍କରେ ସ୍ଥାନୀୟ ଲୋକେ ଜଣାଇଛନ୍ତି ଯେ ଦୀର୍ଘ ଦିନ ଧରି ଏହି ଅଞ୍ଚଳରେ ସମସ୍ୟା ରହିଆସିଛି । ପ୍ରଶାସନ ତରଫରୁ ବାରମ୍ବାର ଅଭିଯୋଗ କରାଯାଇଥିଲେ ମଧ୍ୟ ଏପର୍ଯ୍ୟନ୍ତ କୌଣସି ସୁଫଳ ମିଳିନାହିଁ ।

ଗ୍ରାମବାସୀମାନେ ଜଣାଇଛନ୍ତି ଯେ ତୁରନ୍ତ ଏହାର ସମାଧାନ ନହେଲେ ବୃହତ୍ତର ଆନ୍ଦୋଳନ କରାଯିବ । ଏ ନେଇ ଜିଲ୍ଲା ପ୍ରଶାସନକୁ ଲିଖିତ ଅଭିଯୋଗ ମଧ୍ୟ ଦିଆଯାଇଛି ।

କାର୍ତ୍ତିକ ପୂର୍ଣ୍ଣିମାରେ ଅଷ୍ଟ ପ୍ରହରୀ ନମସଙ୍ଘ
ସୁନ୍ଦରଗଡ଼,ସା୧୧(ସଂଚାର ବ୍ୟୁରୋ):

ସ୍ଥାନୀୟ ଜନପ୍ରତିନିଧି ତଥା ସାମାଜିକ କାର୍ଯ୍ୟକର୍ତ୍ତାମାନେ ଏହି ପଦକ୍ଷେପକୁ ସ୍ୱାଗତ କରିଛନ୍ତି ଏବଂ ଭବିଷ୍ୟତରେ ଏହିପରି କାର୍ଯ୍ୟକ୍ରମ ଜାରି ରହିବ ବୋଲି କହିଛନ୍ତି ।

କାର୍ଯ୍ୟକ୍ରମରେ ବହୁ ସଂଖ୍ୟାରେ ଛାତ୍ରଛାତ୍ରୀ, ଶିକ୍ଷକ ତଥା ଅଭିଭାବକ ଯୋଗ ଦେଇଥିଲେ । ଶେଷରେ ଧନ୍ୟବାଦ ଅର୍ପଣ କରାଯାଇଥିଲା ।

ଏହି ଘଟଣା ସମ୍ପର୍କରେ ସ୍ଥାନୀୟ ଲୋକେ ଜଣାଇଛନ୍ତି ଯେ ଦୀର୍ଘ ଦିନ ଧରି ଏହି ଅଞ୍ଚଳରେ ସମସ୍ୟା ରହିଆସିଛି । ପ୍ରଶାସନ ତରଫରୁ ବାରମ୍ବାର ଅଭିଯୋଗ କରାଯାଇଥିଲେ ମଧ୍ୟ ଏପର୍ଯ୍ୟନ୍ତ କୌଣସି ସୁଫଳ ମିଳିନାହିଁ ।

ଗ୍ରାମବାସୀମାନେ ଜଣାଇଛନ୍ତି ଯେ ତୁରନ୍ତ ଏହାର ସମାଧାନ ନହେଲେ ବୃହତ୍ତର ଆନ୍ଦୋଳନ କରାଯିବ । ଏ ନେଇ ଜିଲ୍ଲା ପ୍ରଶାସନକୁ ଲିଖିତ ଅଭିଯୋଗ ମଧ୍ୟ ଦିଆଯାଇଛି ।

ଘଟଣାସ୍ଥଳରେ ପହଞ୍ଚି ପୋଲିସ ଅନୁସନ୍ଧାନ ଆରମ୍ଭ କରିଛି । ମୃତଦେହକୁ ଜିଲ୍ଲା ମୁଖ୍ୟ ଚିକିତ୍ସାଳୟକୁ ବ୍ୟବଚ୍ଛେଦ ନିମନ୍ତେ ପଠାଯାଇଛି ।

ସ୍ଥାନୀୟ ଜନପ୍ରତିନିଧି ତଥା ସାମାଜିକ କାର୍ଯ୍ୟକର୍ତ୍ତାମାନେ ଏହି ପଦକ୍ଷେପକୁ ସ୍ୱାଗତ କରିଛନ୍ତି ଏବଂ ଭବିଷ୍ୟତରେ ଏହିପରି କାର୍ଯ୍ୟକ୍ରମ ଜାରି ରହିବ ବୋଲି କହିଛନ୍ତି ।

କାର୍ଯ୍ୟକ୍ରମରେ ବହୁ ସଂଖ୍ୟାରେ ଛାତ୍ରଛାତ୍ରୀ, ଶିକ୍ଷକ ତଥା ଅଭିଭାବକ ଯୋଗ ଦେଇଥିଲେ । ଶେଷରେ ଧନ୍ୟବାଦ ଅର୍ପଣ କରାଯାଇଥିଲା ।

ଏହି ଘଟଣା ସମ୍ପର୍କରେ ସ୍ଥାନୀୟ ଲୋକେ ଜଣାଇଛନ୍ତି ଯେ ଦୀର୍ଘ ଦିନ ଧରି ଏହି ଅଞ୍ଚଳରେ ସମସ୍ୟା ରହିଆସିଛି । ପ୍ରଶାସନ ତରଫରୁ ବାରମ୍ବାର ଅଭିଯୋଗ କରାଯାଇଥିଲେ ମଧ୍ୟ ଏପର୍ଯ୍ୟନ୍ତ କୌଣସି ସୁଫଳ ମିଳିନାହିଁ ।

ଗ୍ରାମବାସୀମାନେ ଜଣାଇଛନ୍ତି ଯେ ତୁରନ୍ତ ଏହାର ସମାଧାନ ନହେଲେ ବୃହତ୍ତର ଆନ୍ଦୋଳନ କରାଯିବ । ଏ ନେଇ ଜିଲ୍ଲା ପ୍ରଶାସନକୁ ଲିଖିତ ଅଭିଯୋଗ ମଧ୍ୟ ଦିଆଯାଇଛି ।

ଘଟଣାସ୍ଥଳରେ ପହଞ୍ଚି ପୋଲିସ ଅନୁସନ୍ଧାନ ଆରମ୍ଭ କରିଛି । ମୃତଦେହକୁ ଜିଲ୍ଲା ମୁଖ୍ୟ ଚିକିତ୍ସାଳୟକୁ ବ୍ୟବଚ୍ଛେଦ ନିମନ୍ତେ ପଠାଯାଇଛି ।

କିଆକଲ୍ଲାର ଗ୍ରାମରେ କାର୍ତ୍ତିକ ପୂଜା
ସୁନ୍ଦରଗଡ଼,ସା୧୧(ସଂଚାର ବ୍ୟୁରୋ):

କାର୍ଯ୍ୟକ୍ରମରେ ବହୁ ସଂଖ୍ୟାରେ ଛାତ୍ରଛାତ୍ରୀ, ଶିକ୍ଷକ ତଥା ଅଭିଭାବକ ଯୋଗ ଦେଇଥିଲେ । ଶେଷରେ ଧନ୍ୟବାଦ ଅର୍ପଣ କରାଯାଇଥିଲା ।

ଗ୍ରାମବାସୀମାନେ ଜଣାଇଛନ୍ତି ଯେ ତୁରନ୍ତ ଏହାର ସମାଧାନ ନହେଲେ ବୃହତ୍ତର ଆନ୍ଦୋଳନ କରାଯିବ । ଏ ନେଇ ଜିଲ୍ଲା ପ୍ରଶାସନକୁ ଲିଖିତ ଅଭିଯୋଗ ମଧ୍ୟ ଦିଆଯାଇଛି ।

ଘଟଣାସ୍ଥଳରେ ପହଞ୍ଚି ପୋଲିସ ଅନୁସନ୍ଧାନ ଆରମ୍ଭ କରିଛି । ମୃତଦେହକୁ ଜିଲ୍ଲା ମୁଖ୍ୟ ଚିକିତ୍ସାଳୟକୁ ବ୍ୟବଚ୍ଛେଦ ନିମନ୍ତେ ପଠାଯାଇଛି ।

ଏହି ଘଟଣା ସମ୍ପର୍କରେ ସ୍ଥାନୀୟ ଲୋକେ ଜଣାଇଛନ୍ତି ଯେ ଦୀର୍ଘ ଦିନ ଧରି ଏହି ଅଞ୍ଚଳରେ ସମସ୍ୟା ରହିଆସିଛି । ପ୍ରଶାସନ ତରଫରୁ ବାରମ୍ବାର ଅଭିଯୋଗ କରାଯାଇଥିଲେ ମଧ୍ୟ ଏପର୍ଯ୍ୟନ୍ତ କୌଣସି ସୁଫଳ ମିଳିନାହିଁ ।

ସ୍ଥାନୀୟ ଜନପ୍ରତିନିଧି ତଥା ସାମାଜିକ କାର୍ଯ୍ୟକର୍ତ୍ତାମାନେ ଏହି ପଦକ୍ଷେପକୁ ସ୍ୱାଗତ କରିଛନ୍ତି ଏବଂ ଭବିଷ୍ୟତରେ ଏହିପରି କାର୍ଯ୍ୟକ୍ରମ ଜାରି ରହିବ ବୋଲି କହିଛନ୍ତି ।

କାର୍ଯ୍ୟକ୍ରମରେ ବହୁ ସଂଖ୍ୟାରେ ଛାତ୍ରଛାତ୍ରୀ, ଶିକ୍ଷକ ତଥା ଅଭିଭାବକ ଯୋଗ ଦେଇଥିଲେ । ଶେଷରେ ଧନ୍ୟବାଦ ଅର୍ପଣ କରାଯାଇଥିଲା ।

ଆଶ୍ରମ ବିଦ୍ୟାଳୟ ପରିଦର୍ଶନ କଲେ ଓଏସପାର ଯୁଗ୍ମ ନିର୍ଦ୍ଦେଶକ
ବୌଦ୍ଧ,ସା୧୧(ସଂଚାର ବ୍ୟୁରୋ):

ସ୍ଥାନୀୟ ଜନପ୍ରତିନିଧି ତଥା ସାମାଜିକ କାର୍ଯ୍ୟକର୍ତ୍ତାମାନେ ଏହି ପଦକ୍ଷେପକୁ ସ୍ୱାଗତ କରିଛନ୍ତି ଏବଂ ଭବିଷ୍ୟତରେ ଏହିପରି କାର୍ଯ୍ୟକ୍ରମ ଜାରି ରହିବ ବୋଲି କହିଛନ୍ତି ।

ଏହି ଘଟଣା ସମ୍ପର୍କରେ ସ୍ଥାନୀୟ ଲୋକେ ଜଣାଇଛନ୍ତି ଯେ ଦୀର୍ଘ ଦିନ ଧରି ଏହି ଅଞ୍ଚଳରେ ସମସ୍ୟା ରହିଆସିଛି । ପ୍ରଶାସନ ତରଫରୁ ବାରମ୍ବାର ଅଭିଯୋଗ କରାଯାଇଥିଲେ ମଧ୍ୟ ଏପର୍ଯ୍ୟନ୍ତ କୌଣସି ସୁଫଳ ମିଳିନାହିଁ ।

ଗ୍ରାମବାସୀମାନେ ଜଣାଇଛନ୍ତି ଯେ ତୁରନ୍ତ ଏହାର ସମାଧାନ ନହେଲେ ବୃହତ୍ତର ଆନ୍ଦୋଳନ କରାଯିବ । ଏ ନେଇ ଜିଲ୍ଲା ପ୍ରଶାସନକୁ ଲିଖିତ ଅଭିଯୋଗ ମଧ୍ୟ ଦିଆଯାଇଛି ।

ଘଟଣାସ୍ଥଳରେ ପହଞ୍ଚି ପୋଲିସ ଅନୁସନ୍ଧାନ ଆରମ୍ଭ କରିଛି । ମୃତଦେହକୁ ଜିଲ୍ଲା ମୁଖ୍ୟ ଚିକିତ୍ସାଳୟକୁ ବ୍ୟବଚ୍ଛେଦ ନିମନ୍ତେ ପଠାଯାଇଛି ।

କାର୍ଯ୍ୟକ୍ରମରେ ବହୁ ସଂଖ୍ୟାରେ ଛାତ୍ରଛାତ୍ରୀ, ଶିକ୍ଷକ ତଥା ଅଭିଭାବକ ଯୋଗ ଦେଇଥିଲେ । ଶେଷରେ ଧନ୍ୟବାଦ ଅର୍ପଣ କରାଯାଇଥିଲା ।

ଏହି ଘଟଣା ସମ୍ପର୍କରେ ସ୍ଥାନୀୟ ଲୋକେ ଜଣାଇଛନ୍ତି ଯେ ଦୀର୍ଘ ଦିନ ଧରି ଏହି ଅଞ୍ଚଳରେ ସମସ୍ୟା ରହିଆସିଛି । ପ୍ରଶାସନ ତରଫରୁ ବାରମ୍ବାର ଅଭିଯୋଗ କରାଯାଇଥିଲେ ମଧ୍ୟ ଏପର୍ଯ୍ୟନ୍ତ କୌଣସି ସୁଫଳ ମିଳିନାହିଁ ।

ସ୍ଥାନୀୟ ଜନପ୍ରତିନିଧି ତଥା ସାମାଜିକ କାର୍ଯ୍ୟକର୍ତ୍ତାମାନେ ଏହି ପଦକ୍ଷେପକୁ ସ୍ୱାଗତ କରିଛନ୍ତି ଏବଂ ଭବିଷ୍ୟତରେ ଏହିପରି କାର୍ଯ୍ୟକ୍ରମ ଜାରି ରହିବ ବୋଲି କହିଛନ୍ତି ।

ଗ୍ରାମବାସୀମାନେ ଜଣାଇଛନ୍ତି ଯେ ତୁରନ୍ତ ଏହାର ସମାଧାନ ନହେଲେ ବୃହତ୍ତର ଆନ୍ଦୋଳନ କରାଯିବ । ଏ ନେଇ ଜିଲ୍ଲା ପ୍ରଶାସନକୁ ଲିଖିତ ଅଭିଯୋଗ ମଧ୍ୟ ଦିଆଯାଇଛି ।

ଉପ- ନିର୍ବାଚନ ପ୍ରଚାରରେ ବଢ଼ସାହି ବିଧାୟକ
ଢେଙ୍କାନାଳ,ସା୧୧(ସଂଚାର ବ୍ୟୁରୋ):

ଏହି ଘଟଣା ସମ୍ପର୍କରେ ସ୍ଥାନୀୟ ଲୋକେ ଜଣାଇଛନ୍ତି ଯେ ଦୀର୍ଘ ଦିନ ଧରି ଏହି ଅଞ୍ଚଳରେ ସମସ୍ୟା ରହିଆସିଛି । ପ୍ରଶାସନ ତରଫରୁ ବାରମ୍ବାର ଅଭିଯୋଗ କରାଯାଇଥିଲେ ମଧ୍ୟ ଏପର୍ଯ୍ୟନ୍ତ କୌଣସି ସୁଫଳ ମିଳିନାହିଁ ।

ଗ୍ରାମବାସୀମାନେ ଜଣାଇଛନ୍ତି ଯେ ତୁରନ୍ତ ଏହାର ସମାଧାନ ନହେଲେ ବୃହତ୍ତର ଆନ୍ଦୋଳନ କରାଯିବ । ଏ ନେଇ ଜିଲ୍ଲା ପ୍ରଶାସନକୁ ଲିଖିତ ଅଭିଯୋଗ ମଧ୍ୟ ଦିଆଯାଇଛି ।

ଘଟଣାସ୍ଥଳରେ ପହଞ୍ଚି ପୋଲିସ ଅନୁସନ୍ଧାନ ଆରମ୍ଭ କରିଛି । ମୃତଦେହକୁ ଜିଲ୍ଲା ମୁଖ୍ୟ ଚିକିତ୍ସାଳୟକୁ ବ୍ୟବଚ୍ଛେଦ ନିମନ୍ତେ ପଠାଯାଇଛି ।

ସ୍ଥାନୀୟ ଜନପ୍ରତିନିଧି ତଥା ସାମାଜିକ କାର୍ଯ୍ୟକର୍ତ୍ତାମାନେ ଏହି ପଦକ୍ଷେପକୁ ସ୍ୱାଗତ କରିଛନ୍ତି ଏବଂ ଭବିଷ୍ୟତରେ ଏହିପରି କାର୍ଯ୍ୟକ୍ରମ ଜାରି ରହିବ ବୋଲି କହିଛନ୍ତି ।

କାର୍ଯ୍ୟକ୍ରମରେ ବହୁ ସଂଖ୍ୟାରେ ଛାତ୍ରଛାତ୍ରୀ, ଶିକ୍ଷକ ତଥା ଅଭିଭାବକ ଯୋଗ ଦେଇଥିଲେ । ଶେଷରେ ଧନ୍ୟବାଦ ଅର୍ପଣ କରାଯାଇଥିଲା ।

ଏହି ଘଟଣା ସମ୍ପର୍କରେ ସ୍ଥାନୀୟ ଲୋକେ ଜଣାଇଛନ୍ତି ଯେ ଦୀର୍ଘ ଦିନ ଧରି ଏହି ଅଞ୍ଚଳରେ ସମସ୍ୟା ରହିଆସିଛି । ପ୍ରଶାସନ ତରଫରୁ ବାରମ୍ବାର ଅଭିଯୋଗ କରାଯାଇଥିଲେ ମଧ୍ୟ ଏପର୍ଯ୍ୟନ୍ତ କୌଣସି ସୁଫଳ ମିଳିନାହିଁ ।

ଗ୍ରାମବାସୀମାନେ ଜଣାଇଛନ୍ତି ଯେ ତୁରନ୍ତ ଏହାର ସମାଧାନ ନହେଲେ ବୃହତ୍ତର ଆନ୍ଦୋଳନ କରାଯିବ । ଏ ନେଇ ଜିଲ୍ଲା ପ୍ରଶାସନକୁ ଲିଖିତ ଅଭିଯୋଗ ମଧ୍ୟ ଦିଆଯାଇଛି ।

ଘଟଣାସ୍ଥଳରେ ପହଞ୍ଚି ପୋଲିସ ଅନୁସନ୍ଧାନ ଆରମ୍ଭ କରିଛି । ମୃତଦେହକୁ ଜିଲ୍ଲା ମୁଖ୍ୟ ଚିକିତ୍ସାଳୟକୁ ବ୍ୟବଚ୍ଛେଦ ନିମନ୍ତେ ପଠାଯାଇଛି ।

ସ୍ଥାନୀୟ ଜନପ୍ରତିନିଧି ତଥା ସାମାଜିକ କାର୍ଯ୍ୟକର୍ତ୍ତାମାନେ ଏହି ପଦକ୍ଷେପକୁ ସ୍ୱାଗତ କରିଛନ୍ତି ଏବଂ ଭବିଷ୍ୟତରେ ଏହିପରି କାର୍ଯ୍ୟକ୍ରମ ଜାରି ରହିବ ବୋଲି କହିଛନ୍ତି ।

କାର୍ଯ୍ୟକ୍ରମରେ ବହୁ ସଂଖ୍ୟାରେ ଛାତ୍ରଛାତ୍ରୀ, ଶିକ୍ଷକ ତଥା ଅଭିଭାବକ ଯୋଗ ଦେଇଥିଲେ । ଶେଷରେ ଧନ୍ୟବାଦ ଅର୍ପଣ କରାଯାଇଥିଲା ।

ପୁଣି ଦୁର୍ଗମ ଅଞ୍ଚଳରୁ ଆସିଲା ଦାୟନ ଦୁଃଖ
ନାୟଗଡ଼,ସା୧୧(ସଂଚାର ବ୍ୟୁରୋ):

ଏହି ଘଟଣା ସମ୍ପର୍କରେ ସ୍ଥାନୀୟ ଲୋକେ ଜଣାଇଛନ୍ତି ଯେ ଦୀର୍ଘ ଦିନ ଧରି ଏହି ଅଞ୍ଚଳରେ ସମସ୍ୟା ରହିଆସିଛି । ପ୍ରଶାସନ ତରଫରୁ ବାରମ୍ବାର ଅଭିଯୋଗ କରାଯାଇଥିଲେ ମଧ୍ୟ ଏପର୍ଯ୍ୟନ୍ତ କୌଣସି ସୁଫଳ ମିଳିନାହିଁ ।

ଘଟଣାସ୍ଥଳରେ ପହଞ୍ଚି ପୋଲିସ ଅନୁସନ୍ଧାନ ଆରମ୍ଭ କରିଛି । ମୃତଦେହକୁ ଜିଲ୍ଲା ମୁଖ୍ୟ ଚିକିତ୍ସାଳୟକୁ ବ୍ୟବଚ୍ଛେଦ ନିମନ୍ତେ ପଠାଯାଇଛି ।

ଗ୍ରାମବାସୀମାନେ ଜଣାଇଛନ୍ତି ଯେ ତୁରନ୍ତ ଏହାର ସମାଧାନ ନହେଲେ ବୃହତ୍ତର ଆନ୍ଦୋଳନ କରାଯିବ । ଏ ନେଇ ଜିଲ୍ଲା ପ୍ରଶାସନକୁ ଲିଖିତ ଅଭିଯୋଗ ମଧ୍ୟ ଦିଆଯାଇଛି ।

ସ୍ଥାନୀୟ ଜନପ୍ରତିନିଧି ତଥା ସାମାଜିକ କାର୍ଯ୍ୟକର୍ତ୍ତାମାନେ ଏହି ପଦକ୍ଷେପକୁ ସ୍ୱାଗତ କରିଛନ୍ତି ଏବଂ ଭବିଷ୍ୟତରେ ଏହିପରି କାର୍ଯ୍ୟକ୍ରମ ଜାରି ରହିବ ବୋଲି କହିଛନ୍ତି ।

କାର୍ଯ୍ୟକ୍ରମରେ ବହୁ ସଂଖ୍ୟାରେ ଛାତ୍ରଛାତ୍ରୀ, ଶିକ୍ଷକ ତଥା ଅଭିଭାବକ ଯୋଗ ଦେଇଥିଲେ । ଶେଷରେ ଧନ୍ୟବାଦ ଅର୍ପଣ କରାଯାଇଥିଲା ।

ଏହି ଘଟଣା ସମ୍ପର୍କରେ ସ୍ଥାନୀୟ ଲୋକେ ଜଣାଇଛନ୍ତି ଯେ ଦୀର୍ଘ ଦିନ ଧରି ଏହି ଅଞ୍ଚଳରେ ସମସ୍ୟା ରହିଆସିଛି । ପ୍ରଶାସନ ତରଫରୁ ବାରମ୍ବାର ଅଭିଯୋଗ କରାଯାଇଥିଲେ ମଧ୍ୟ ଏପର୍ଯ୍ୟନ୍ତ କୌଣସି ସୁଫଳ ମିଳିନାହିଁ ।

ଗ୍ରାମବାସୀମାନେ ଜଣାଇଛନ୍ତି ଯେ ତୁରନ୍ତ ଏହାର ସମାଧାନ ନହେଲେ ବୃହତ୍ତର ଆନ୍ଦୋଳନ କରାଯିବ । ଏ ନେଇ ଜିଲ୍ଲା ପ୍ରଶାସନକୁ ଲିଖିତ ଅଭିଯୋଗ ମଧ୍ୟ ଦିଆଯାଇଛି ।

ଘଟଣାସ୍ଥଳରେ ପହଞ୍ଚି ପୋଲିସ ଅନୁସନ୍ଧାନ ଆରମ୍ଭ କରିଛି । ମୃତଦେହକୁ ଜିଲ୍ଲା ମୁଖ୍ୟ ଚିକିତ୍ସାଳୟକୁ ବ୍ୟବଚ୍ଛେଦ ନିମନ୍ତେ ପଠାଯାଇଛି ।

ସ୍ଥାନୀୟ ଜନପ୍ରତିନିଧି ତଥା ସାମାଜିକ କାର୍ଯ୍ୟକର୍ତ୍ତାମାନେ ଏହି ପଦକ୍ଷେପକୁ ସ୍ୱାଗତ କରିଛନ୍ତି ଏବଂ ଭବିଷ୍ୟତରେ ଏହିପରି କାର୍ଯ୍ୟକ୍ରମ ଜାରି ରହିବ ବୋଲି କହିଛନ୍ତି ।

କାର୍ଯ୍ୟକ୍ରମରେ ବହୁ ସଂଖ୍ୟାରେ ଛାତ୍ରଛାତ୍ରୀ, ଶିକ୍ଷକ ତଥା ଅଭିଭାବକ ଯୋଗ ଦେଇଥିଲେ । ଶେଷରେ ଧନ୍ୟବାଦ ଅର୍ପଣ କରାଯାଇଥିଲା ।

ଏହି ଘଟଣା ସମ୍ପର୍କରେ ସ୍ଥାନୀୟ ଲୋକେ ଜଣାଇଛନ୍ତି ଯେ ଦୀର୍ଘ ଦିନ ଧରି ଏହି ଅଞ୍ଚଳରେ ସମସ୍ୟା ରହିଆସିଛି । ପ୍ରଶାସନ ତରଫରୁ ବାରମ୍ବାର ଅଭିଯୋଗ କରାଯାଇଥିଲେ ମଧ୍ୟ ଏପର୍ଯ୍ୟନ୍ତ କୌଣସି ସୁଫଳ ମିଳିନାହିଁ ।
